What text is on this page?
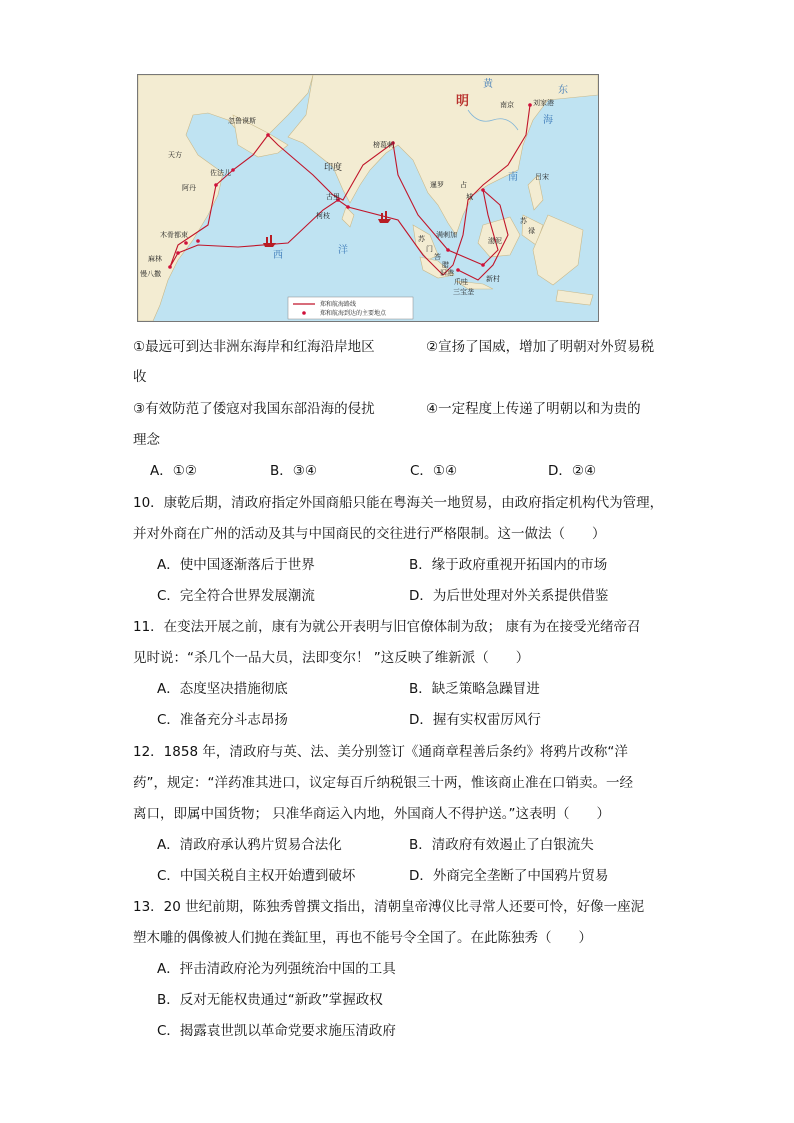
明
印度
西	洋
黄
东
海
南
南京	刘家港
忽鲁谟斯
天方
佐法儿
阿丹
木骨都束
麻林
慢八撒
榜葛剌
古里
柯枝
暹罗 占
城
吕宋
苏
禄
渤泥
满剌加
苏
门
答
腊
旧港
爪哇	新村
三宝垄
郑和航海路线
郑和航海到达的主要地点
①最远可到达非洲东海岸和红海沿岸地区	②宣扬了国威，增加了明朝对外贸易税
收
③有效防范了倭寇对我国东部沿海的侵扰	④一定程度上传递了明朝以和为贵的
理念
A．①②	B．③④	C．①④	D．②④
10．康乾后期，清政府指定外国商船只能在粤海关一地贸易，由政府指定机构代为管理，
并对外商在广州的活动及其与中国商民的交往进行严格限制。这一做法（　　）
A．使中国逐渐落后于世界	B．缘于政府重视开拓国内的市场
C．完全符合世界发展潮流	D．为后世处理对外关系提供借鉴
11．在变法开展之前，康有为就公开表明与旧官僚体制为敌； 康有为在接受光绪帝召
见时说：“杀几个一品大员，法即变尔！ ”这反映了维新派（　　）
A．态度坚决措施彻底	B．缺乏策略急躁冒进
C．准备充分斗志昂扬	D．握有实权雷厉风行
12．1858 年，清政府与英、法、美分别签订《通商章程善后条约》将鸦片改称“洋
药”，规定：“洋药准其进口，议定每百斤纳税银三十两，惟该商止准在口销卖。一经
离口，即属中国货物； 只准华商运入内地，外国商人不得护送。”这表明（　　）
A．清政府承认鸦片贸易合法化	B．清政府有效遏止了白银流失
C．中国关税自主权开始遭到破坏	D．外商完全垄断了中国鸦片贸易
13．20 世纪前期，陈独秀曾撰文指出，清朝皇帝溥仪比寻常人还要可怜，好像一座泥
塑木雕的偶像被人们抛在粪缸里，再也不能号令全国了。在此陈独秀（　　）
A．抨击清政府沦为列强统治中国的工具
B．反对无能权贵通过“新政”掌握政权
C．揭露袁世凯以革命党要求施压清政府
